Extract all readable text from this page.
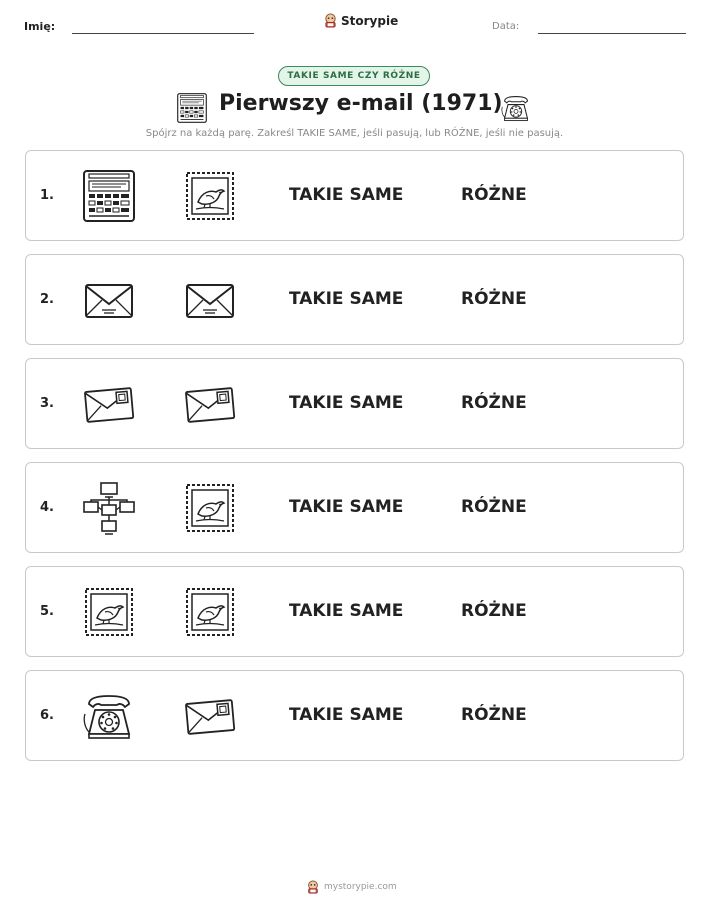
Imię:	Storypie	Data:
TAKIE SAME CZY RÓŻNE
Pierwszy e-mail (1971)
Spójrz na każdą parę. Zakreśl TAKIE SAME, jeśli pasują, lub RÓŻNE, jeśli nie pasują.
1.	TAKIE SAME	RÓŻNE
2.	TAKIE SAME	RÓŻNE
3.	TAKIE SAME	RÓŻNE
4.	TAKIE SAME	RÓŻNE
5.	TAKIE SAME	RÓŻNE
6.	TAKIE SAME	RÓŻNE
mystorypie.com
